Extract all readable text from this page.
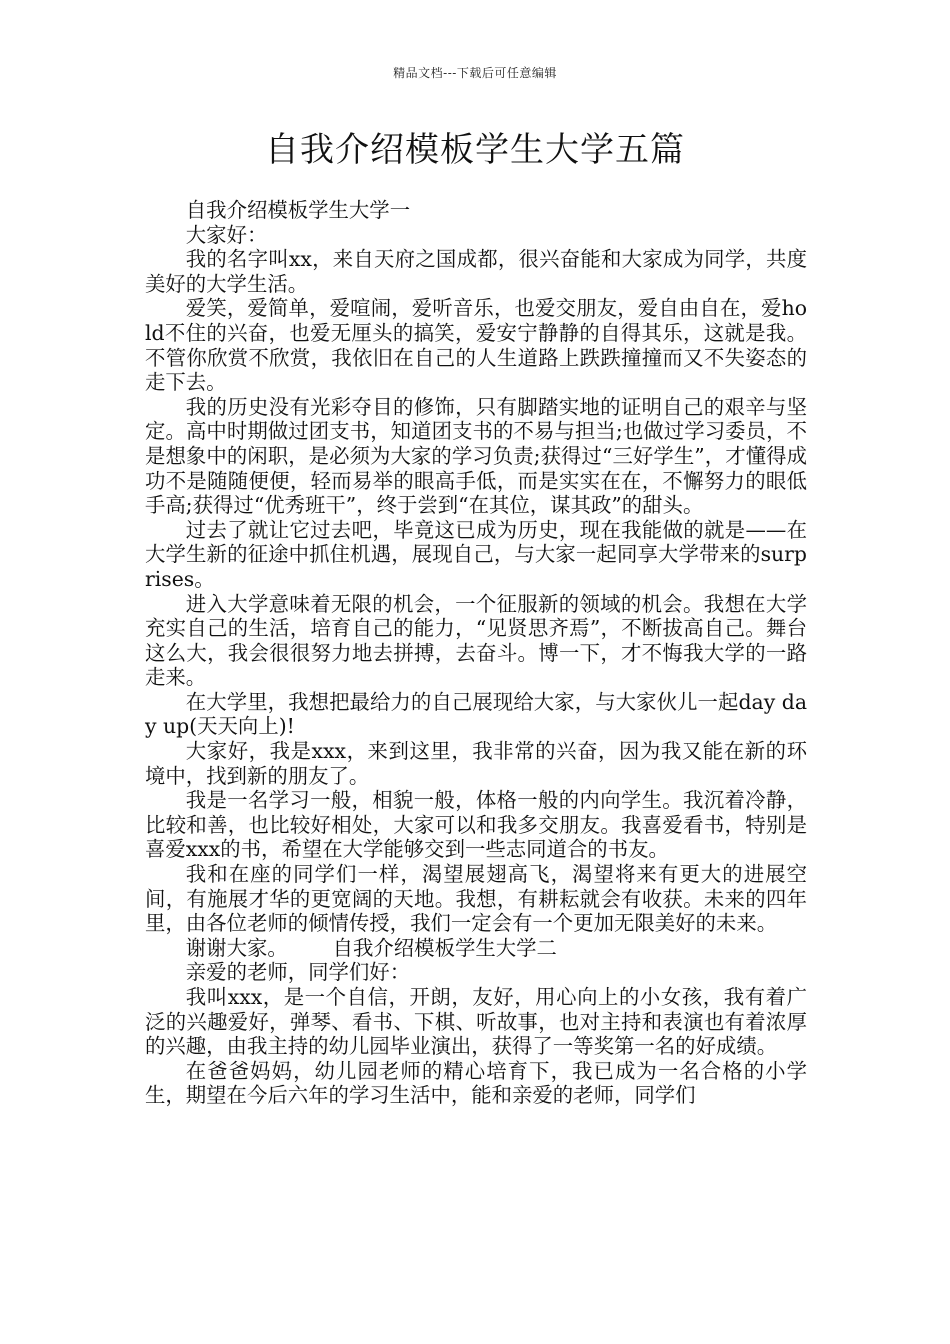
精品文档---下载后可任意编辑
自我介绍模板学生大学五篇

自我介绍模板学生大学一

大家好：

我的名字叫xx，来自天府之国成都，很兴奋能和大家成为同学，共度美好的大学生活。

爱笑，爱简单，爱喧闹，爱听音乐，也爱交朋友，爱自由自在，爱hold不住的兴奋，也爱无厘头的搞笑，爱安宁静静的自得其乐，这就是我。不管你欣赏不欣赏，我依旧在自己的人生道路上跌跌撞撞而又不失姿态的走下去。

我的历史没有光彩夺目的修饰，只有脚踏实地的证明自己的艰辛与坚定。高中时期做过团支书，知道团支书的不易与担当;也做过学习委员，不是想象中的闲职，是必须为大家的学习负责;获得过“三好学生”，才懂得成功不是随随便便，轻而易举的眼高手低，而是实实在在，不懈努力的眼低手高;获得过“优秀班干”，终于尝到“在其位，谋其政”的甜头。

过去了就让它过去吧，毕竟这已成为历史，现在我能做的就是——在大学生新的征途中抓住机遇，展现自己，与大家一起同享大学带来的surprises。

进入大学意味着无限的机会，一个征服新的领域的机会。我想在大学充实自己的生活，培育自己的能力，“见贤思齐焉”，不断拔高自己。舞台这么大，我会很很努力地去拼搏，去奋斗。博一下，才不悔我大学的一路走来。

在大学里，我想把最给力的自己展现给大家，与大家伙儿一起day day up(天天向上)!

大家好，我是xxx，来到这里，我非常的兴奋，因为我又能在新的环境中，找到新的朋友了。

我是一名学习一般，相貌一般，体格一般的内向学生。我沉着冷静，比较和善，也比较好相处，大家可以和我多交朋友。我喜爱看书，特别是喜爱xxx的书，希望在大学能够交到一些志同道合的书友。

我和在座的同学们一样，渴望展翅高飞，渴望将来有更大的进展空间，有施展才华的更宽阔的天地。我想，有耕耘就会有收获。未来的四年里，由各位老师的倾情传授，我们一定会有一个更加无限美好的未来。

谢谢大家。 自我介绍模板学生大学二

亲爱的老师，同学们好：

我叫xxx，是一个自信，开朗，友好，用心向上的小女孩，我有着广泛的兴趣爱好，弹琴、看书、下棋、听故事，也对主持和表演也有着浓厚的兴趣，由我主持的幼儿园毕业演出，获得了一等奖第一名的好成绩。

在爸爸妈妈，幼儿园老师的精心培育下，我已成为一名合格的小学生，期望在今后六年的学习生活中，能和亲爱的老师，同学们
